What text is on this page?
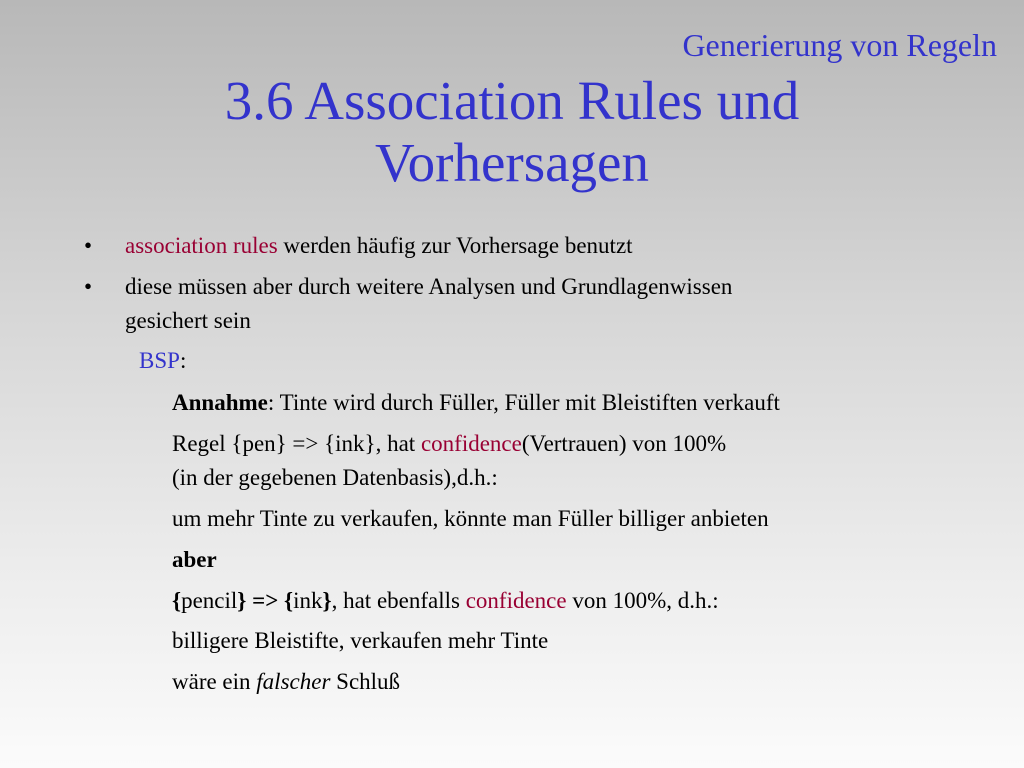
Generierung von Regeln
3.6 Association Rules und
Vorhersagen
• association rules werden häufig zur Vorhersage benutzt
• diese müssen aber durch weitere Analysen und Grundlagenwissen
gesichert sein
BSP:
Annahme: Tinte wird durch Füller, Füller mit Bleistiften verkauft
Regel {pen} => {ink}, hat confidence(Vertrauen) von 100%
(in der gegebenen Datenbasis),d.h.:
um mehr Tinte zu verkaufen, könnte man Füller billiger anbieten
aber
{pencil} => {ink}, hat ebenfalls confidence von 100%, d.h.:
billigere Bleistifte, verkaufen mehr Tinte
wäre ein falscher Schluß
